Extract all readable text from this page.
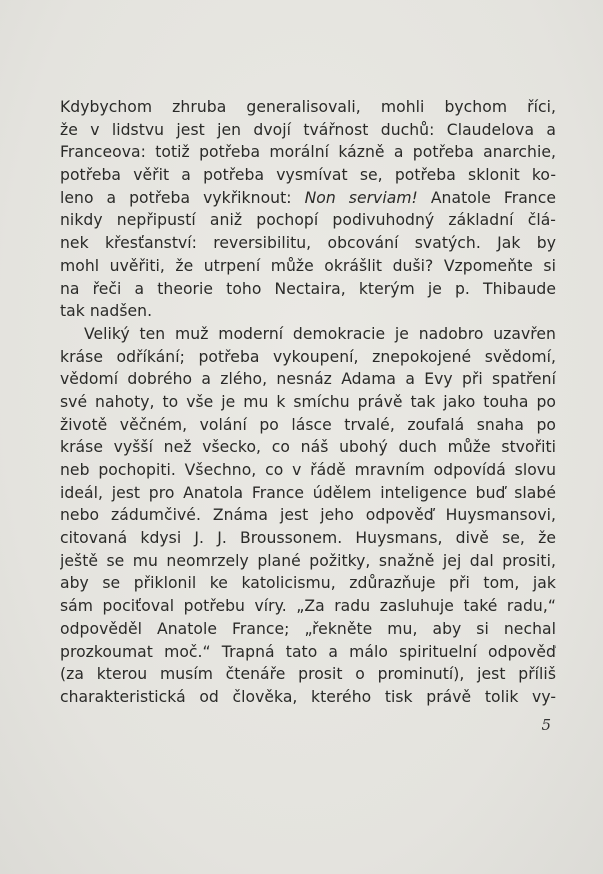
Kdybychom zhruba generalisovali, mohli bychom říci,
že v lidstvu jest jen dvojí tvářnost duchů: Claudelova a
Franceova: totiž potřeba morální kázně a potřeba anarchie,
potřeba věřit a potřeba vysmívat se, potřeba sklonit ko-
leno a potřeba vykřiknout: Non serviam! Anatole France
nikdy nepřipustí aniž pochopí podivuhodný základní člá-
nek křesťanství: reversibilitu, obcování svatých. Jak by
mohl uvěřiti, že utrpení může okrášlit duši? Vzpomeňte si
na řeči a theorie toho Nectaira, kterým je p. Thibaude
tak nadšen.
Veliký ten muž moderní demokracie je nadobro uzavřen
kráse odříkání; potřeba vykoupení, znepokojené svědomí,
vědomí dobrého a zlého, nesnáz Adama a Evy při spatření
své nahoty, to vše je mu k smíchu právě tak jako touha po
životě věčném, volání po lásce trvalé, zoufalá snaha po
kráse vyšší než všecko, co náš ubohý duch může stvořiti
neb pochopiti. Všechno, co v řádě mravním odpovídá slovu
ideál, jest pro Anatola France údělem inteligence buď slabé
nebo zádumčivé. Známa jest jeho odpověď Huysmansovi,
citovaná kdysi J. J. Broussonem. Huysmans, divě se, že
ještě se mu neomrzely plané požitky, snažně jej dal prositi,
aby se přiklonil ke katolicismu, zdůrazňuje při tom, jak
sám pociťoval potřebu víry. „Za radu zasluhuje také radu,“
odpověděl Anatole France; „řekněte mu, aby si nechal
prozkoumat moč.“ Trapná tato a málo spirituelní odpověď
(za kterou musím čtenáře prosit o prominutí), jest příliš
charakteristická od člověka, kterého tisk právě tolik vy-
5
